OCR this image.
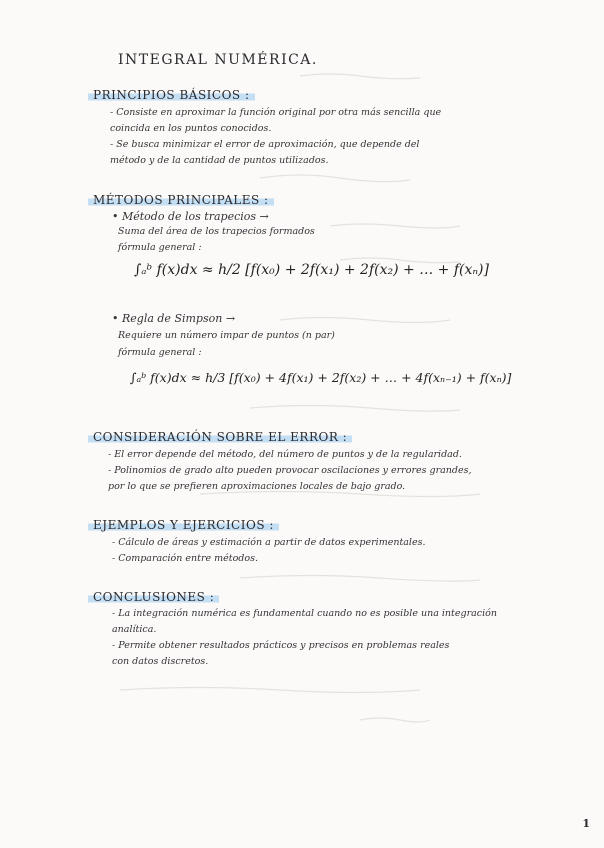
INTEGRAL NUMÉRICA.
PRINCIPIOS BÁSICOS :
- Consiste en aproximar la función original por otra más sencilla que
coincida en los puntos conocidos.
- Se busca minimizar el error de aproximación, que depende del
método y de la cantidad de puntos utilizados.
MÉTODOS PRINCIPALES :
• Método de los trapecios →
Suma del área de los trapecios formados
fórmula general :
∫ₐᵇ f(x)dx ≈ h/2 [f(x₀) + 2f(x₁) + 2f(x₂) + … + f(xₙ)]
• Regla de Simpson →
Requiere un número impar de puntos (n par)
fórmula general :
∫ₐᵇ f(x)dx ≈ h/3 [f(x₀) + 4f(x₁) + 2f(x₂) + … + 4f(xₙ₋₁) + f(xₙ)]
CONSIDERACIÓN SOBRE EL ERROR :
- El error depende del método, del número de puntos y de la regularidad.
- Polinomios de grado alto pueden provocar oscilaciones y errores grandes,
por lo que se prefieren aproximaciones locales de bajo grado.
EJEMPLOS Y EJERCICIOS :
- Cálculo de áreas y estimación a partir de datos experimentales.
- Comparación entre métodos.
CONCLUSIONES :
- La integración numérica es fundamental cuando no es posible una integración
analítica.
- Permite obtener resultados prácticos y precisos en problemas reales
con datos discretos.
1
